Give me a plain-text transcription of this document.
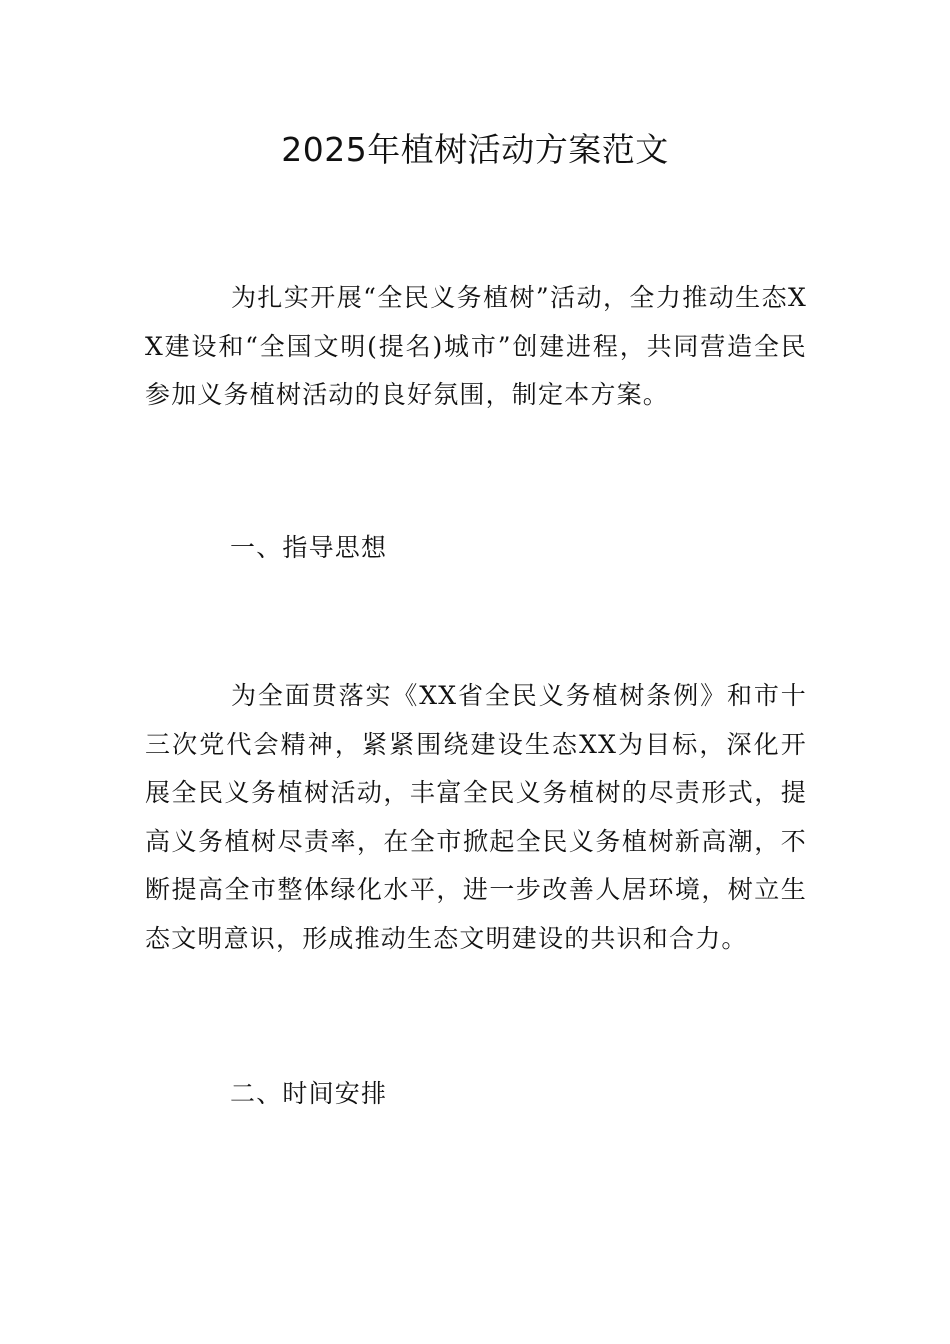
2025年植树活动方案范文

为扎实开展“全民义务植树”活动，全力推动生态XX建设和“全国文明(提名)城市”创建进程，共同营造全民参加义务植树活动的良好氛围，制定本方案。

一、指导思想

为全面贯落实《XX省全民义务植树条例》和市十三次党代会精神，紧紧围绕建设生态XX为目标，深化开展全民义务植树活动，丰富全民义务植树的尽责形式，提高义务植树尽责率，在全市掀起全民义务植树新高潮，不断提高全市整体绿化水平，进一步改善人居环境，树立生态文明意识，形成推动生态文明建设的共识和合力。

二、时间安排
